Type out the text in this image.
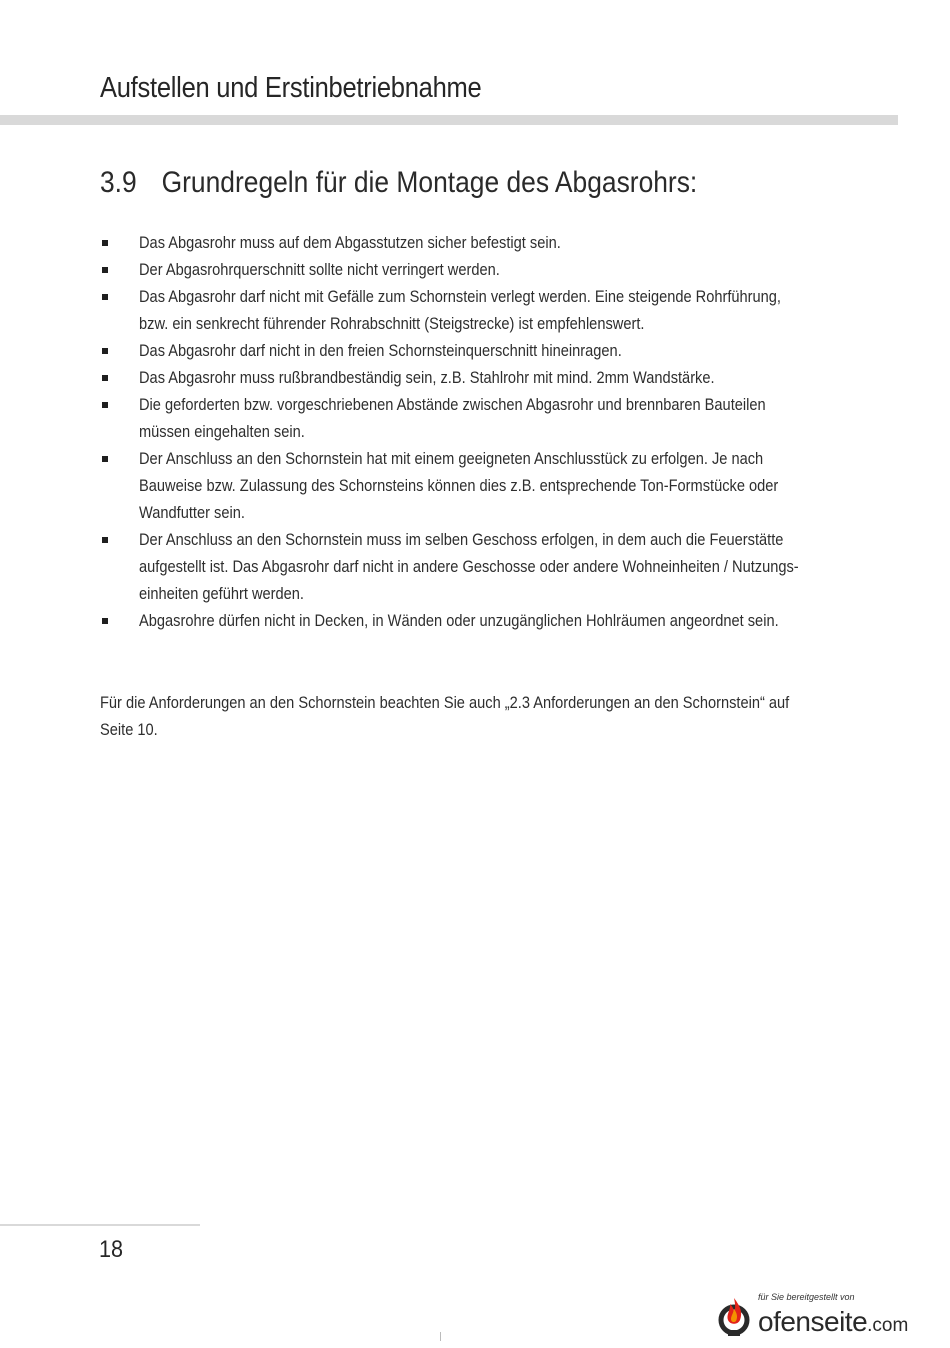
Aufstellen und Erstinbetriebnahme
3.9 Grundregeln für die Montage des Abgasrohrs:
Das Abgasrohr muss auf dem Abgasstutzen sicher befestigt sein.
Der Abgasrohrquerschnitt sollte nicht verringert werden.
Das Abgasrohr darf nicht mit Gefälle zum Schornstein verlegt werden. Eine steigende Rohrführung,
bzw. ein senkrecht führender Rohrabschnitt (Steigstrecke) ist empfehlenswert.
Das Abgasrohr darf nicht in den freien Schornsteinquerschnitt hineinragen.
Das Abgasrohr muss rußbrandbeständig sein, z.B. Stahlrohr mit mind. 2mm Wandstärke.
Die geforderten bzw. vorgeschriebenen Abstände zwischen Abgasrohr und brennbaren Bauteilen
müssen eingehalten sein.
Der Anschluss an den Schornstein hat mit einem geeigneten Anschlusstück zu erfolgen. Je nach
Bauweise bzw. Zulassung des Schornsteins können dies z.B. entsprechende Ton-Formstücke oder
Wandfutter sein.
Der Anschluss an den Schornstein muss im selben Geschoss erfolgen, in dem auch die Feuerstätte
aufgestellt ist. Das Abgasrohr darf nicht in andere Geschosse oder andere Wohneinheiten / Nutzungs-
einheiten geführt werden.
Abgasrohre dürfen nicht in Decken, in Wänden oder unzugänglichen Hohlräumen angeordnet sein.
Für die Anforderungen an den Schornstein beachten Sie auch „2.3 Anforderungen an den Schornstein“ auf
Seite 10.
18
für Sie bereitgestellt von
ofenseite.com
